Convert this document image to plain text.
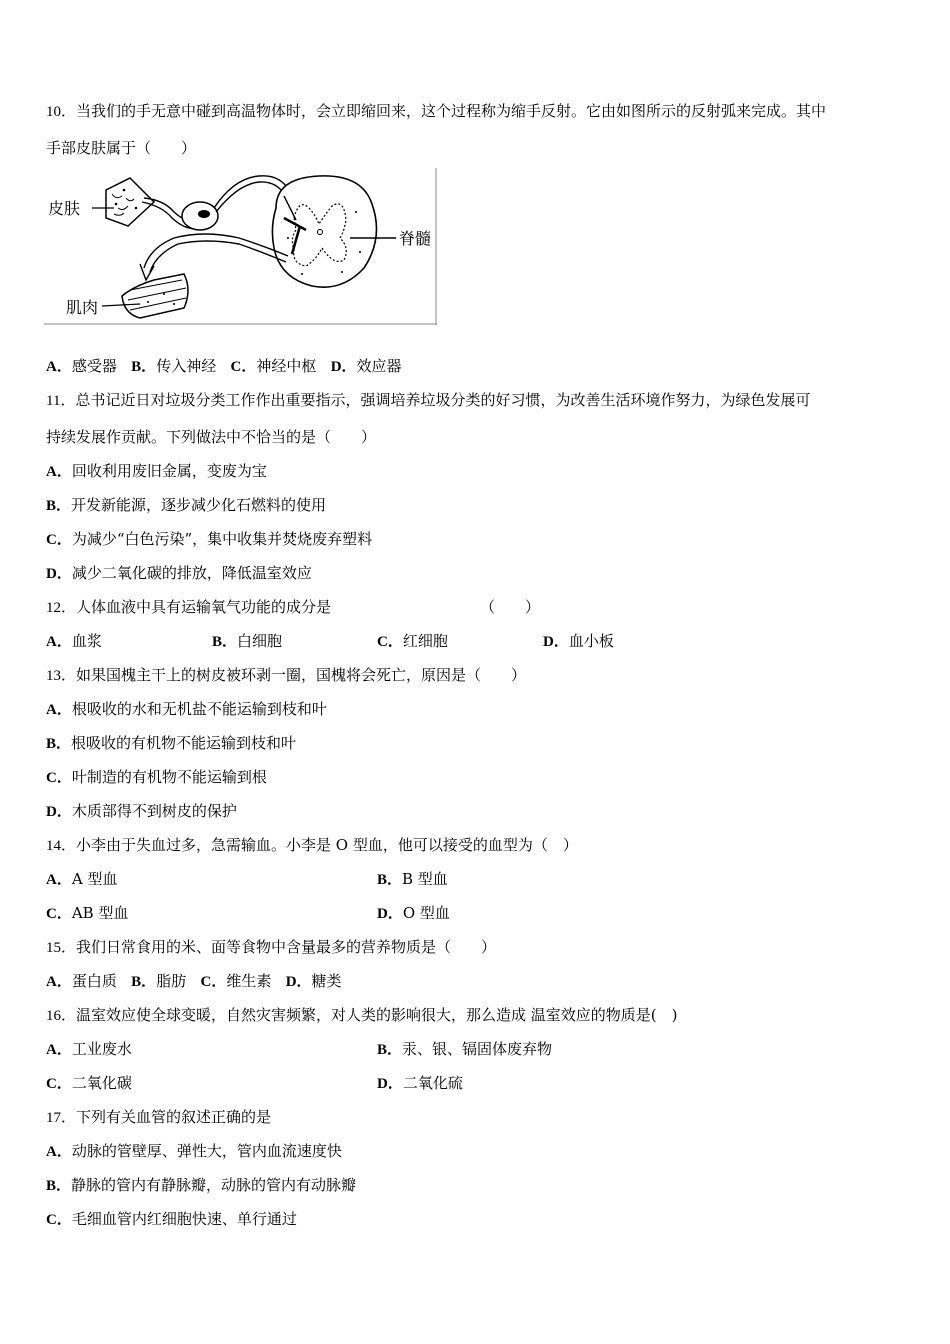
10．当我们的手无意中碰到高温物体时，会立即缩回来，这个过程称为缩手反射。它由如图所示的反射弧来完成。其中
手部皮肤属于（　　）
皮肤
脊髓
肌肉
A．感受器 B．传入神经 C．神经中枢 D．效应器
11．总书记近日对垃圾分类工作作出重要指示，强调培养垃圾分类的好习惯，为改善生活环境作努力，为绿色发展可
持续发展作贡献。下列做法中不恰当的是（　　）
A．回收利用废旧金属，变废为宝
B．开发新能源，逐步减少化石燃料的使用
C．为减少“白色污染”，集中收集并焚烧废弃塑料
D．减少二氧化碳的排放，降低温室效应
12．人体血液中具有运输氧气功能的成分是	（　　）
A．血浆	B．白细胞	C．红细胞	D．血小板
13．如果国槐主干上的树皮被环剥一圈，国槐将会死亡，原因是（　　）
A．根吸收的水和无机盐不能运输到枝和叶
B．根吸收的有机物不能运输到枝和叶
C．叶制造的有机物不能运输到根
D．木质部得不到树皮的保护
14．小李由于失血过多，急需输血。小李是 O 型血，他可以接受的血型为（　）
A．A 型血	B．B 型血
C．AB 型血	D．O 型血
15．我们日常食用的米、面等食物中含量最多的营养物质是（　　）
A．蛋白质 B．脂肪 C．维生素 D．糖类
16．温室效应使全球变暖，自然灾害频繁，对人类的影响很大，那么造成 温室效应的物质是(　)
A．工业废水	B．汞、银、镉固体废弃物
C．二氧化碳	D．二氧化硫
17．下列有关血管的叙述正确的是
A．动脉的管壁厚、弹性大，管内血流速度快
B．静脉的管内有静脉瓣，动脉的管内有动脉瓣
C．毛细血管内红细胞快速、单行通过
